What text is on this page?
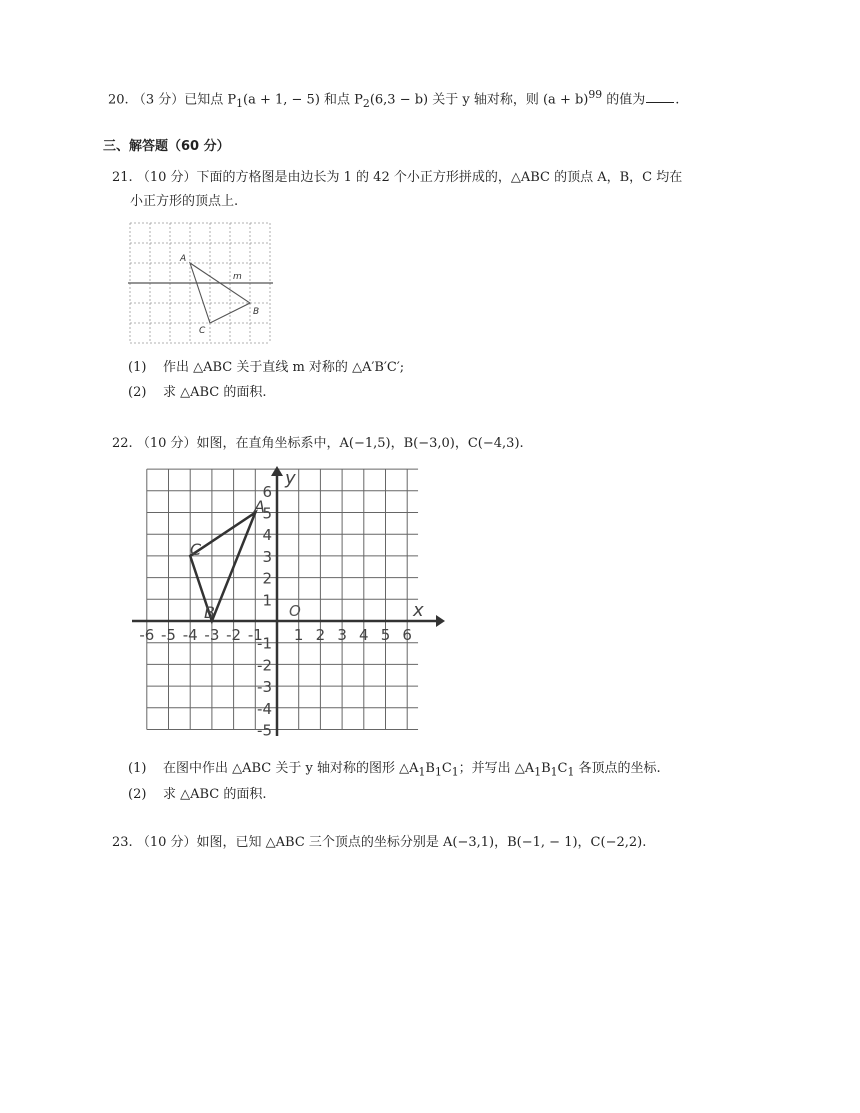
20. （3 分）已知点 $P_1(a + 1$, − 5) 和点 $P_2(6,3 - b)$ 关于 y 轴对称，则 $(a + b)^{99}$ 的值为 .
三、解答题（60 分）
21. （10 分）下面的方格图是由边长为 1 的 42 个小正方形拼成的，△ABC 的顶点 A，B，C 均在
小正方形的顶点上.
A
B
C
m
(1) 作出 △ABC 关于直线 m 对称的 △A′B′C′;
(2) 求 △ABC 的面积.
22. （10 分）如图，在直角坐标系中，A(−1,5)，B(−3,0)，C(−4,3).
-6 -5 -4 -3 -2 -1 1 2 3 4 5 6
6
5
4
3
2
1
-1
-2
-3
-4
-5
y
x
O
A
B
C
(1) 在图中作出 △ABC 关于 y 轴对称的图形 $\triangle A_1B_1C_1$；并写出 $\triangle A_1B_1C_1$ 各顶点的坐标.
(2) 求 △ABC 的面积.
23. （10 分）如图，已知 △ABC 三个顶点的坐标分别是 A(−3,1)，B(−1, − 1)，C(−2,2).
